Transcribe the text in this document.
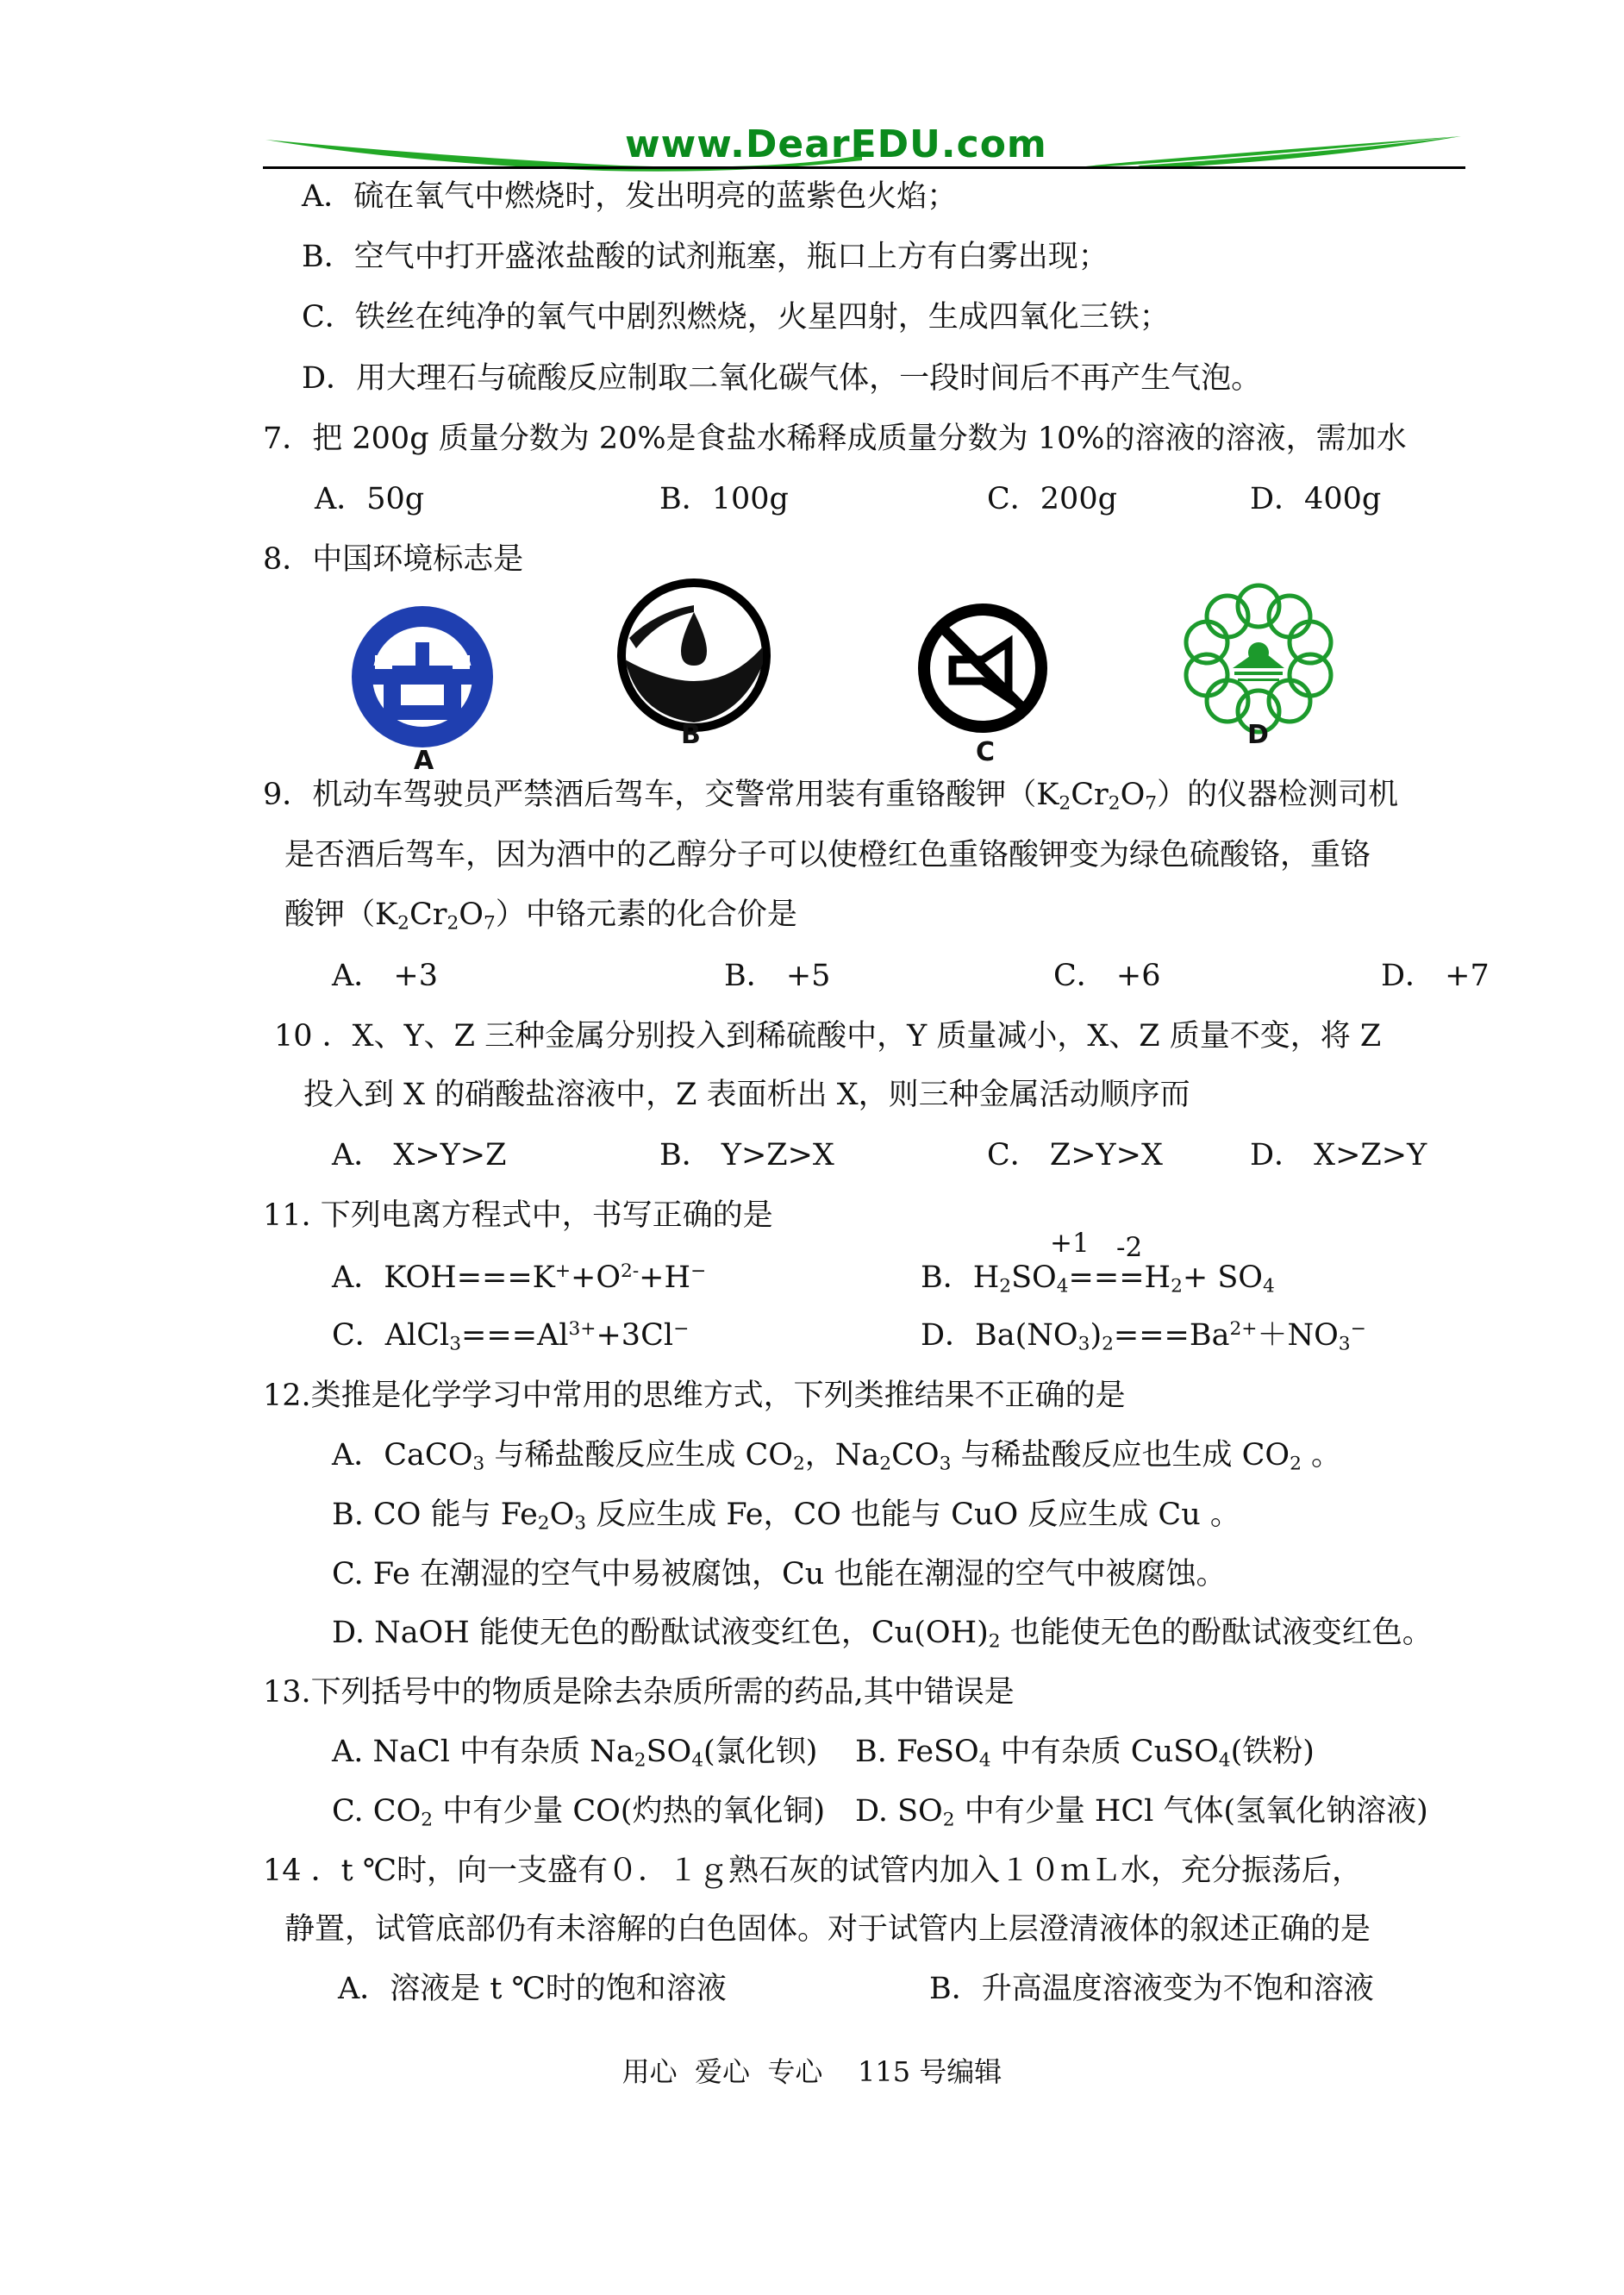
www.DearEDU.com
A．硫在氧气中燃烧时，发出明亮的蓝紫色火焰；
B．空气中打开盛浓盐酸的试剂瓶塞，瓶口上方有白雾出现；
C．铁丝在纯净的氧气中剧烈燃烧，火星四射，生成四氧化三铁；
D．用大理石与硫酸反应制取二氧化碳气体，一段时间后不再产生气泡。
7．把 200g 质量分数为 20%是食盐水稀释成质量分数为 10%的溶液的溶液，需加水
A．50g	B．100g	C．200g	D．400g
8．中国环境标志是
A
B
C
D
9．机动车驾驶员严禁酒后驾车，交警常用装有重铬酸钾$(K_2Cr_2O_7)$的仪器检测司机
是否酒后驾车，因为酒中的乙醇分子可以使橙红色重铬酸钾变为绿色硫酸铬，重铬
酸钾$(K_2Cr_2O_7)$中铬元素的化合价是
A． +3	B． +5	C． +6	D． +7
10 ．X、Y、Z 三种金属分别投入到稀硫酸中，Y 质量减小，X、Z 质量不变，将 Z
投入到 X 的硝酸盐溶液中，Z 表面析出 X，则三种金属活动顺序而
A． X>Y>Z	B． Y>Z>X	C． Z>Y>X	D． X>Z>Y
11. 下列电离方程式中，书写正确的是
+1 -2
A．$KOH===K^++O^{2-}+H^-$	B．$H_2SO_4===H_2+ SO_4$
C．$AlCl_3===Al^{3+}+3Cl^-$	D．$Ba(NO_3)_2===Ba^{2+}+NO_3^-$
12.类推是化学学习中常用的思维方式，下列类推结果不正确的是
A．CaCO$_3$ 与稀盐酸反应生成 $CO_2$，$Na_2CO_3$ 与稀盐酸反应也生成 $CO_2$ 。
B. CO 能与 $Fe_2O_3$ 反应生成 Fe，CO 也能与 CuO 反应生成 Cu 。
C. Fe 在潮湿的空气中易被腐蚀，Cu 也能在潮湿的空气中被腐蚀。
D. NaOH 能使无色的酚酞试液变红色，$Cu(OH)_2$ 也能使无色的酚酞试液变红色。
13.下列括号中的物质是除去杂质所需的药品,其中错误是
A. NaCl 中有杂质 $Na_2SO_4$(氯化钡) B. FeSO$_4$ 中有杂质 CuSO$_4$(铁粉)
C. $CO_2$ 中有少量 CO(灼热的氧化铜) D. $SO_2$ 中有少量 HCl 气体(氢氧化钠溶液)
14 ．t ℃时，向一支盛有０．１ｇ熟石灰的试管内加入１０ｍＬ水，充分振荡后，
静置，试管底部仍有未溶解的白色固体。对于试管内上层澄清液体的叙述正确的是
A．溶液是 t ℃时的饱和溶液	B．升高温度溶液变为不饱和溶液
用心  爱心  专心    115 号编辑
